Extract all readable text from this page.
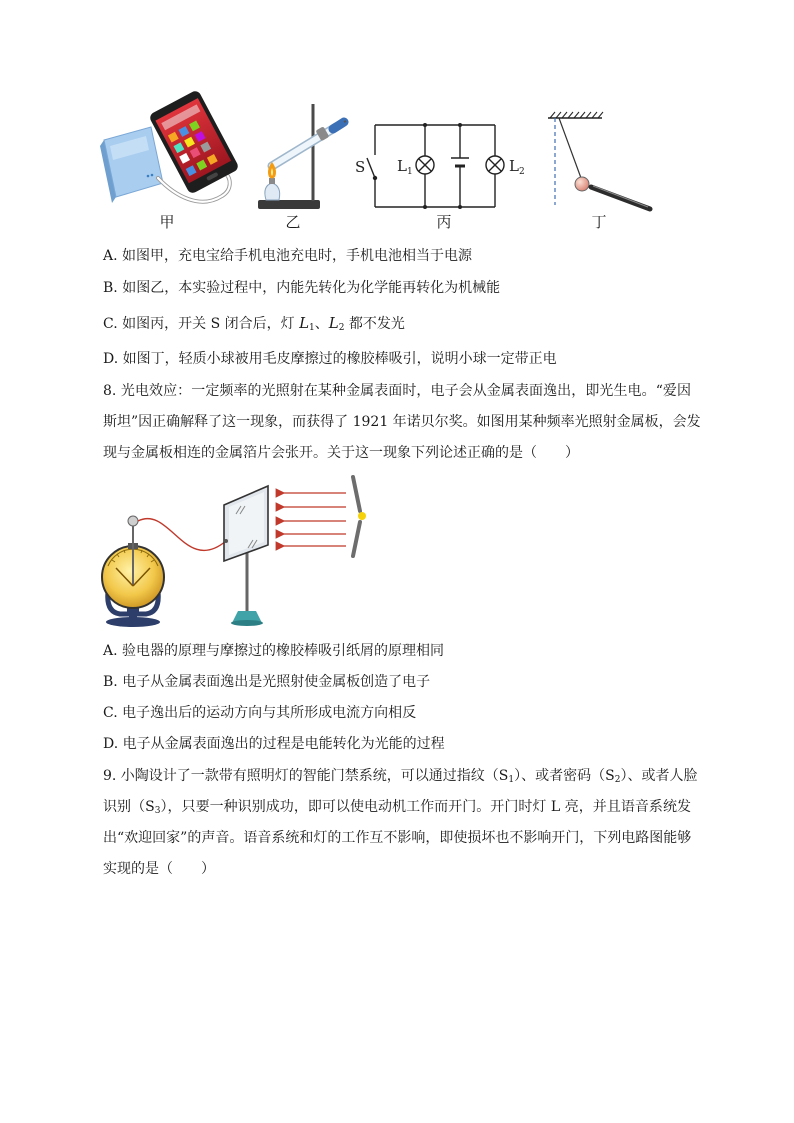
S $L_1$	$L_2$
甲	乙	丙	丁
A. 如图甲，充电宝给手机电池充电时，手机电池相当于电源
B. 如图乙，本实验过程中，内能先转化为化学能再转化为机械能
C. 如图丙，开关 S 闭合后，灯 $L_1$、$L_2$ 都不发光
D. 如图丁，轻质小球被用毛皮摩擦过的橡胶棒吸引，说明小球一定带正电
8. 光电效应：一定频率的光照射在某种金属表面时，电子会从金属表面逸出，即光生电。“爱因
斯坦”因正确解释了这一现象，而获得了 1921 年诺贝尔奖。如图用某种频率光照射金属板，会发
现与金属板相连的金属箔片会张开。关于这一现象下列论述正确的是（　　）
A. 验电器的原理与摩擦过的橡胶棒吸引纸屑的原理相同
B. 电子从金属表面逸出是光照射使金属板创造了电子
C. 电子逸出后的运动方向与其所形成电流方向相反
D. 电子从金属表面逸出的过程是电能转化为光能的过程
9. 小陶设计了一款带有照明灯的智能门禁系统，可以通过指纹$(S_1)$、或者密码$(S_2)$、或者人脸
识别$(S_3)$，只要一种识别成功，即可以使电动机工作而开门。开门时灯 L 亮，并且语音系统发
出“欢迎回家”的声音。语音系统和灯的工作互不影响，即使损坏也不影响开门，下列电路图能够
实现的是（　　）
